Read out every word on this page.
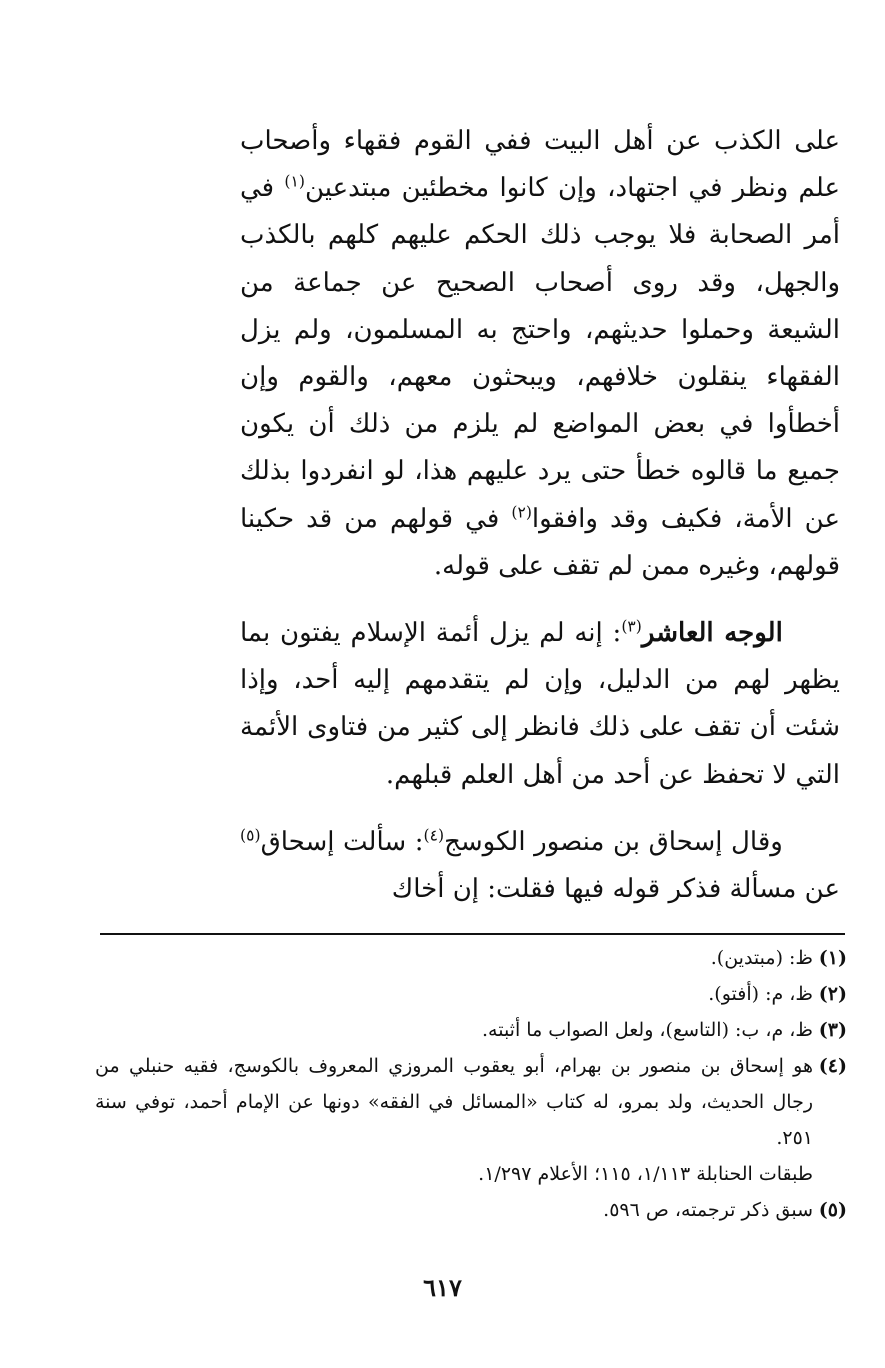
على الكذب عن أهل البيت ففي القوم فقهاء وأصحاب علم ونظر في اجتهاد، وإن كانوا مخطئين مبتدعين$^{(١)}$ في أمر الصحابة فلا يوجب ذلك الحكم عليهم كلهم بالكذب والجهل، وقد روى أصحاب الصحيح عن جماعة من الشيعة وحملوا حديثهم، واحتج به المسلمون، ولم يزل الفقهاء ينقلون خلافهم، ويبحثون معهم، والقوم وإن أخطأوا في بعض المواضع لم يلزم من ذلك أن يكون جميع ما قالوه خطأ حتى يرد عليهم هذا، لو انفردوا بذلك عن الأمة، فكيف وقد وافقوا$^{(٢)}$ في قولهم من قد حكينا قولهم، وغيره ممن لم تقف على قوله.

الوجه العاشر$^{(٣)}$: إنه لم يزل أئمة الإسلام يفتون بما يظهر لهم من الدليل، وإن لم يتقدمهم إليه أحد، وإذا شئت أن تقف على ذلك فانظر إلى كثير من فتاوى الأئمة التي لا تحفظ عن أحد من أهل العلم قبلهم.

وقال إسحاق بن منصور الكوسج$^{(٤)}$: سألت إسحاق$^{(٥)}$ عن مسألة فذكر قوله فيها فقلت: إن أخاك

(١)
ظ: (مبتدين).
(٢)
ظ، م: (أفتو).
(٣)
ظ، م، ب: (التاسع)، ولعل الصواب ما أثبته.
(٤)
هو إسحاق بن منصور بن بهرام، أبو يعقوب المروزي المعروف بالكوسج، فقيه حنبلي من رجال الحديث، ولد بمرو، له كتاب «المسائل في الفقه» دونها عن الإمام أحمد، توفي سنة ٢٥١.
طبقات الحنابلة ١/١١٣، ١١٥؛ الأعلام ١/٢٩٧.
(٥)
سبق ذكر ترجمته، ص ٥٩٦.
٦١٧
